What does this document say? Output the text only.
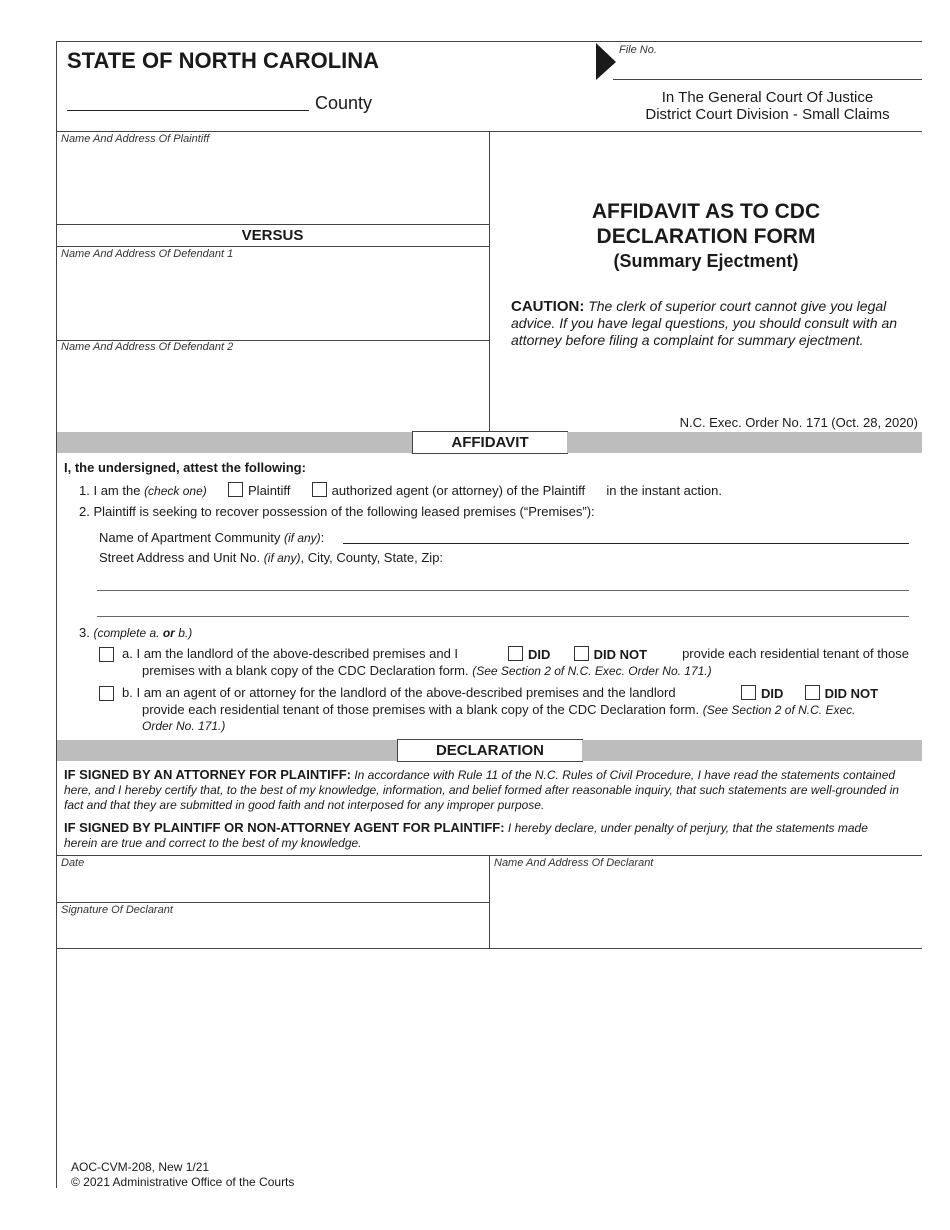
STATE OF NORTH CAROLINA
County
File No.
In The General Court Of Justice
District Court Division - Small Claims
Name And Address Of Plaintiff
VERSUS
Name And Address Of Defendant 1
Name And Address Of Defendant 2
AFFIDAVIT AS TO CDC
DECLARATION FORM
(Summary Ejectment)
CAUTION: The clerk of superior court cannot give you legal advice. If you have legal questions, you should consult with an attorney before filing a complaint for summary ejectment.
N.C. Exec. Order No. 171 (Oct. 28, 2020)
AFFIDAVIT
I, the undersigned, attest the following:
1. I am the (check one)	Plaintiff	authorized agent (or attorney) of the Plaintiff in the instant action.
2. Plaintiff is seeking to recover possession of the following leased premises (“Premises”):
Name of Apartment Community (if any):
Street Address and Unit No. (if any), City, County, State, Zip:
3. (complete a. or b.)
a. I am the landlord of the above-described premises and I	DID	DID NOT	provide each residential tenant of those
premises with a blank copy of the CDC Declaration form. (See Section 2 of N.C. Exec. Order No. 171.)
b. I am an agent of or attorney for the landlord of the above-described premises and the landlord	DID	DID NOT
provide each residential tenant of those premises with a blank copy of the CDC Declaration form. (See Section 2 of N.C. Exec.
Order No. 171.)
DECLARATION
IF SIGNED BY AN ATTORNEY FOR PLAINTIFF: In accordance with Rule 11 of the N.C. Rules of Civil Procedure, I have read the statements contained here, and I hereby certify that, to the best of my knowledge, information, and belief formed after reasonable inquiry, that such statements are well-grounded in fact and that they are submitted in good faith and not interposed for any improper purpose.
IF SIGNED BY PLAINTIFF OR NON-ATTORNEY AGENT FOR PLAINTIFF: I hereby declare, under penalty of perjury, that the statements made herein are true and correct to the best of my knowledge.
Date
Signature Of Declarant
Name And Address Of Declarant
AOC-CVM-208, New 1/21
© 2021 Administrative Office of the Courts
